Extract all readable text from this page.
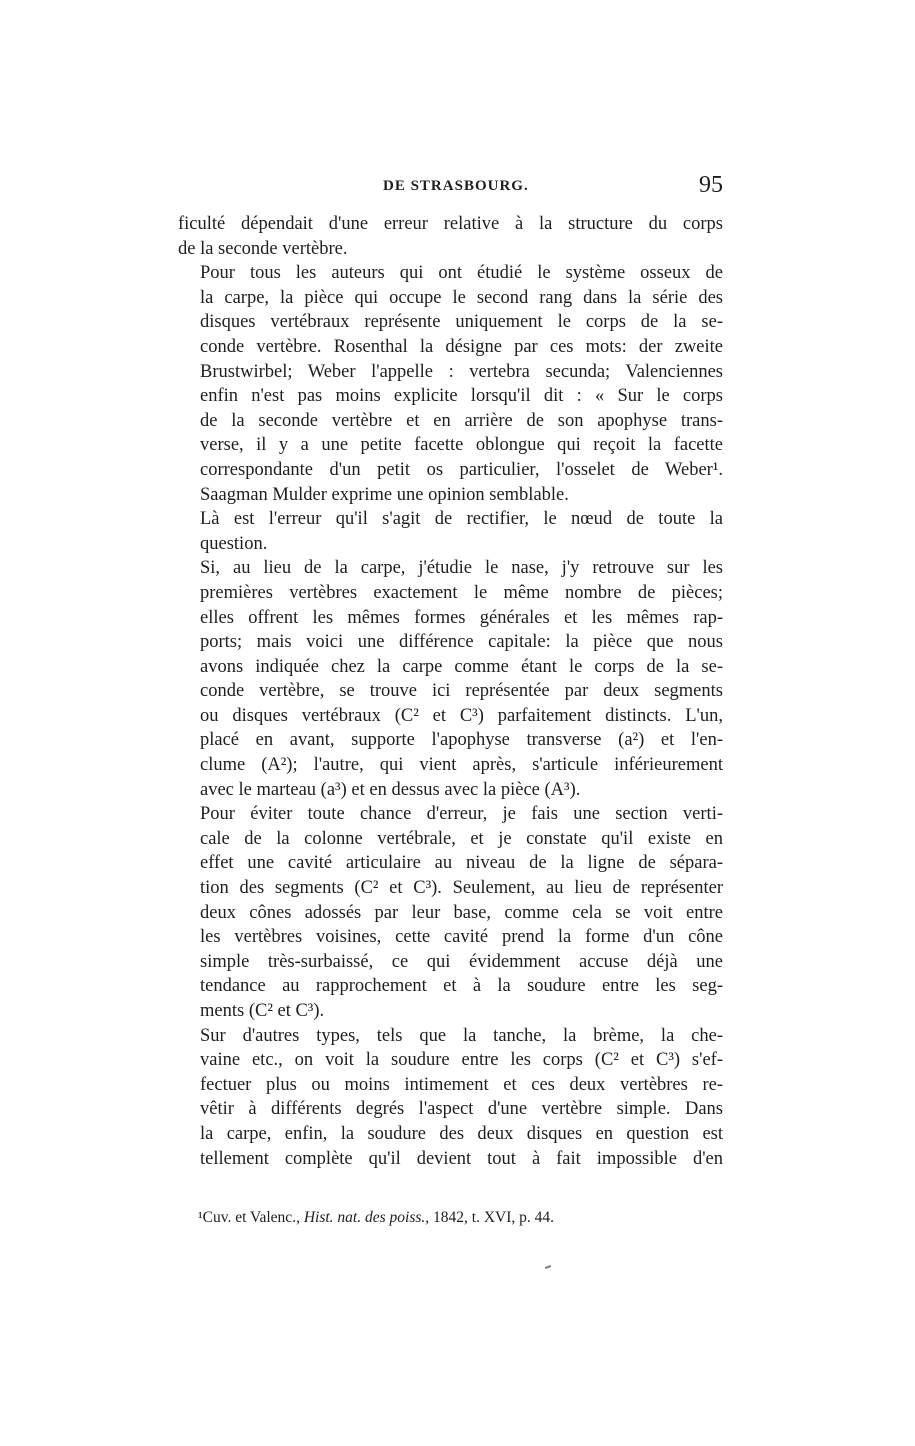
DE STRASBOURG.	95

ficulté dépendait d'une erreur relative à la structure du corps
de la seconde vertèbre.

Pour tous les auteurs qui ont étudié le système osseux de
la carpe, la pièce qui occupe le second rang dans la série des
disques vertébraux représente uniquement le corps de la se-
conde vertèbre. Rosenthal la désigne par ces mots: der zweite
Brustwirbel; Weber l'appelle : vertebra secunda; Valenciennes
enfin n'est pas moins explicite lorsqu'il dit : « Sur le corps
de la seconde vertèbre et en arrière de son apophyse trans-
verse, il y a une petite facette oblongue qui reçoit la facette
correspondante d'un petit os particulier, l'osselet de Weber¹.
Saagman Mulder exprime une opinion semblable.

Là est l'erreur qu'il s'agit de rectifier, le nœud de toute la
question.

Si, au lieu de la carpe, j'étudie le nase, j'y retrouve sur les
premières vertèbres exactement le même nombre de pièces;
elles offrent les mêmes formes générales et les mêmes rap-
ports; mais voici une différence capitale: la pièce que nous
avons indiquée chez la carpe comme étant le corps de la se-
conde vertèbre, se trouve ici représentée par deux segments
ou disques vertébraux (C² et C³) parfaitement distincts. L'un,
placé en avant, supporte l'apophyse transverse (a²) et l'en-
clume (A²); l'autre, qui vient après, s'articule inférieurement
avec le marteau (a³) et en dessus avec la pièce (A³).

Pour éviter toute chance d'erreur, je fais une section verti-
cale de la colonne vertébrale, et je constate qu'il existe en
effet une cavité articulaire au niveau de la ligne de sépara-
tion des segments (C² et C³). Seulement, au lieu de représenter
deux cônes adossés par leur base, comme cela se voit entre
les vertèbres voisines, cette cavité prend la forme d'un cône
simple très-surbaissé, ce qui évidemment accuse déjà une
tendance au rapprochement et à la soudure entre les seg-
ments (C² et C³).

Sur d'autres types, tels que la tanche, la brème, la che-
vaine etc., on voit la soudure entre les corps (C² et C³) s'ef-
fectuer plus ou moins intimement et ces deux vertèbres re-
vêtir à différents degrés l'aspect d'une vertèbre simple. Dans
la carpe, enfin, la soudure des deux disques en question est
tellement complète qu'il devient tout à fait impossible d'en

¹Cuv. et Valenc., Hist. nat. des poiss., 1842, t. XVI, p. 44.
